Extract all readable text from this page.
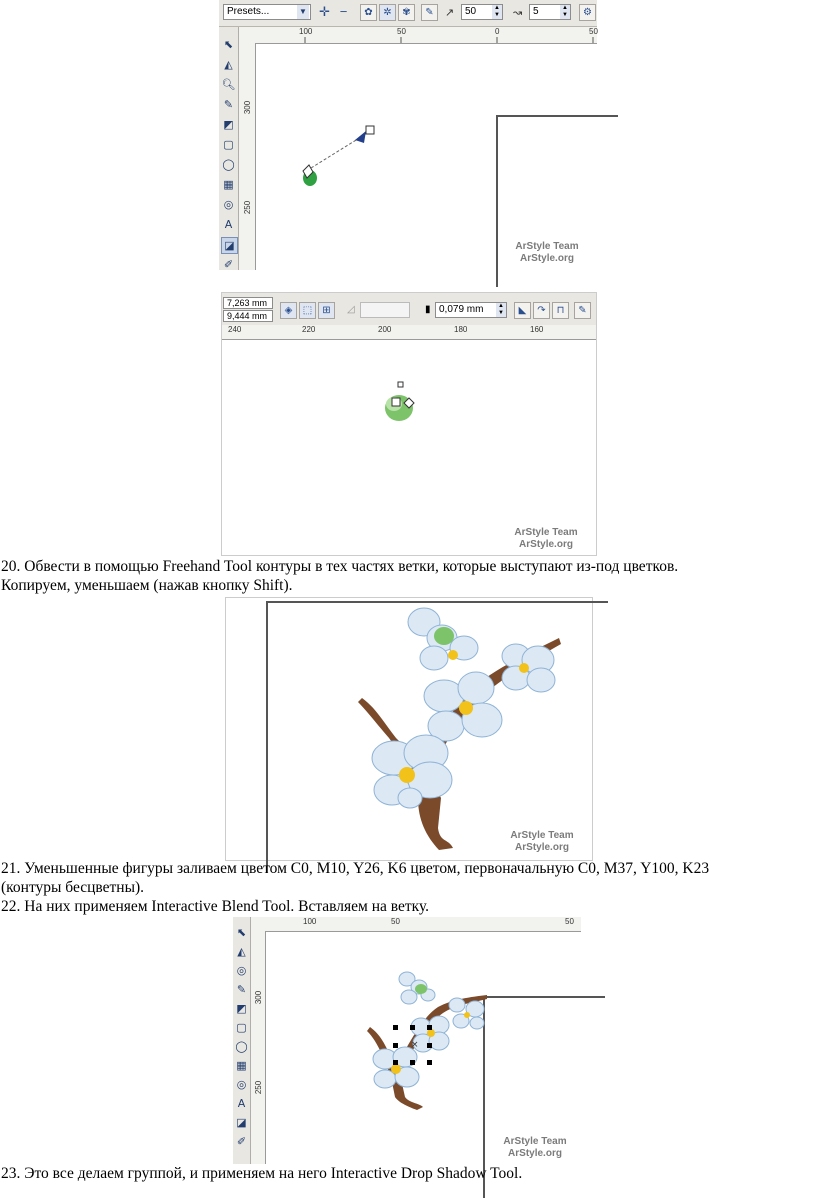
Presets...	▼ ✛ −	✿	✲	✾	✎	↗	50	▲
▼ ↝	5	▲
▼	⚙
⬉
◭
🔍︎
✎
◩
▢
◯
▦
◎
A
◪
✐
100	50	0	50
300
250
ArStyle Team
ArStyle.org
7,263 mm
9,444 mm	◈	⬚	⊞	◿	▮ 0,079 mm	▲
▼	◣	↷	⊓	✎
240	220	200	180	160
ArStyle Team
ArStyle.org
20. Обвести в помощью Freehand Tool контуры в тех частях ветки, которые выступают из-под цветков.
Копируем, уменьшаем (нажав кнопку Shift).
ArStyle Team
ArStyle.org
21. Уменьшенные фигуры заливаем цветом C0, M10, Y26, K6 цветом, первоначальную C0, M37, Y100, K23
(контуры бесцветны).
22. На них применяем Interactive Blend Tool. Вставляем на ветку.
⬉
◭
◎
✎
◩
▢
◯
▦
◎
A
◪
✐
100	50	50
300
250
×
ArStyle Team
ArStyle.org
23. Это все делаем группой, и применяем на него Interactive Drop Shadow Tool.
